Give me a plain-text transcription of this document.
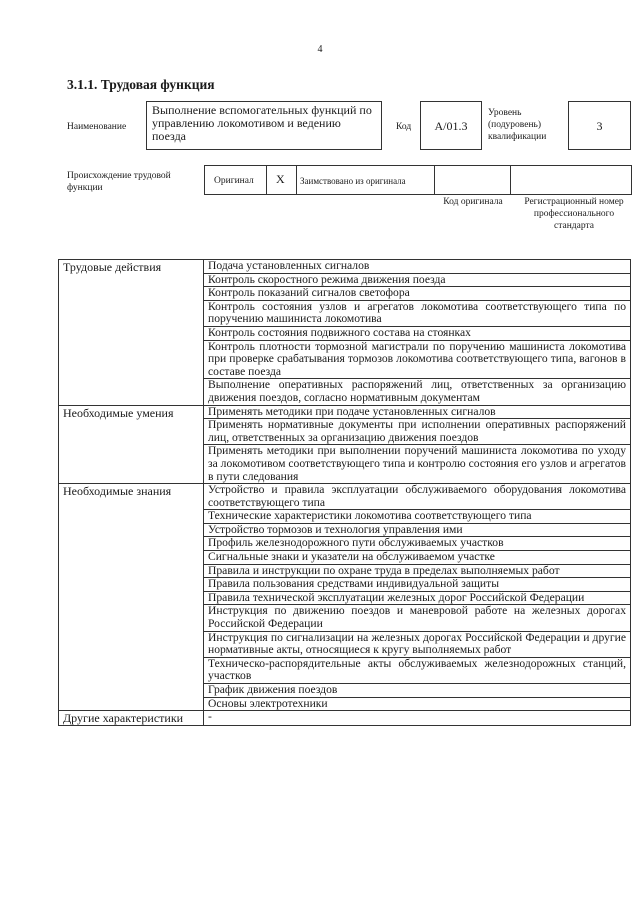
4
3.1.1. Трудовая функция
Наименование
Выполнение вспомогательных функций по управлению локомотивом и ведению поезда
Код	A/01.3
Уровень (подуровень) квалификации
3
Происхождение трудовой функции
Оригинал X Заимствовано из оригинала
Код оригинала	Регистрационный номер профессионального стандарта
Трудовые действия	Подача установленных сигналов
	Контроль скоростного режима движения поезда
	Контроль показаний сигналов светофора
	Контроль состояния узлов и агрегатов локомотива соответствующего типа по поручению машиниста локомотива
	Контроль состояния подвижного состава на стоянках
	Контроль плотности тормозной магистрали по поручению машиниста локомотива при проверке срабатывания тормозов локомотива соответствующего типа, вагонов в составе поезда
	Выполнение оперативных распоряжений лиц, ответственных за организацию движения поездов, согласно нормативным документам
Необходимые умения	Применять методики при подаче установленных сигналов
	Применять нормативные документы при исполнении оперативных распоряжений лиц, ответственных за организацию движения поездов
	Применять методики при выполнении поручений машиниста локомотива по уходу за локомотивом соответствующего типа и контролю состояния его узлов и агрегатов в пути следования
Необходимые знания	Устройство и правила эксплуатации обслуживаемого оборудования локомотива соответствующего типа
	Технические характеристики локомотива соответствующего типа
	Устройство тормозов и технология управления ими
	Профиль железнодорожного пути обслуживаемых участков
	Сигнальные знаки и указатели на обслуживаемом участке
	Правила и инструкции по охране труда в пределах выполняемых работ
	Правила пользования средствами индивидуальной защиты
	Правила технической эксплуатации железных дорог Российской Федерации
	Инструкция по движению поездов и маневровой работе на железных дорогах Российской Федерации
	Инструкция по сигнализации на железных дорогах Российской Федерации и другие нормативные акты, относящиеся к кругу выполняемых работ
	Техническо-распорядительные акты обслуживаемых железнодорожных станций, участков
	График движения поездов
	Основы электротехники
Другие характеристики	-
